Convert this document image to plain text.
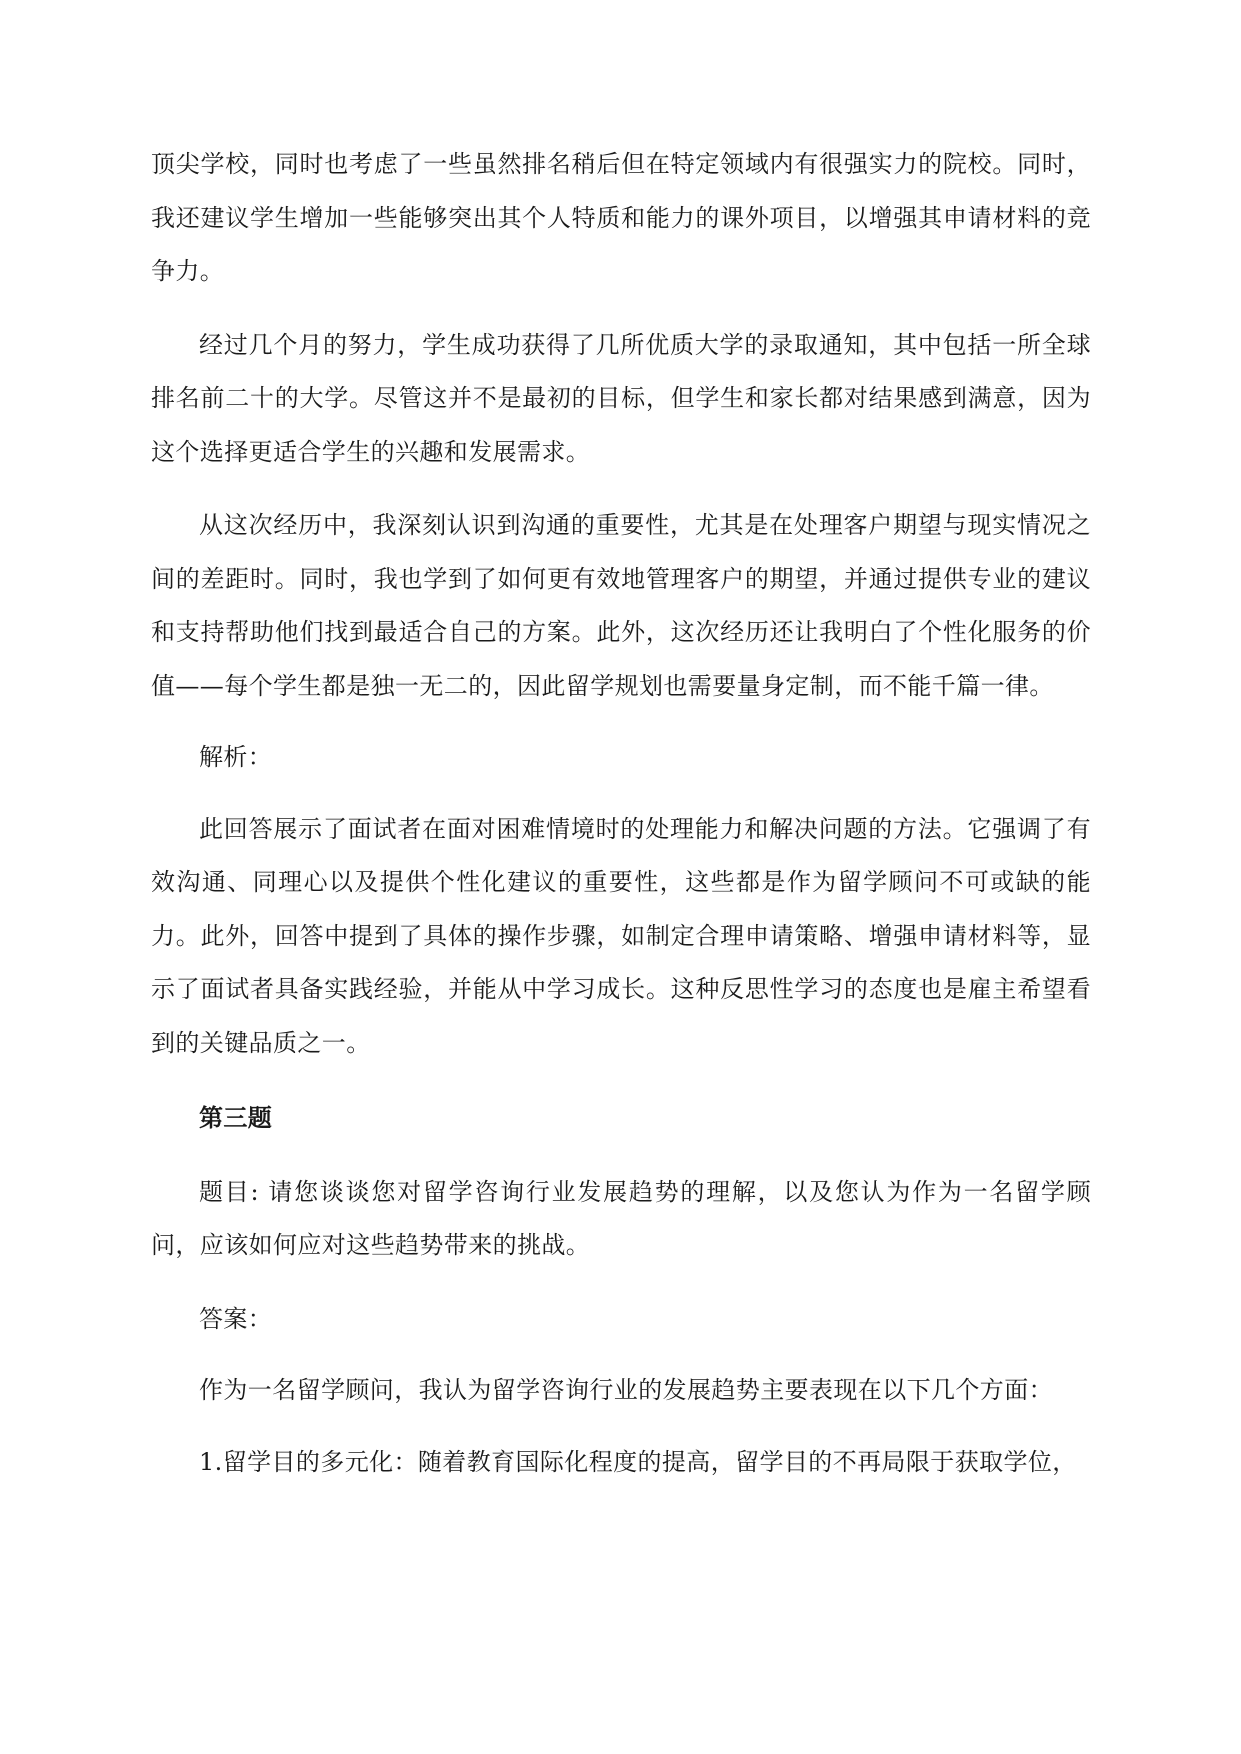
顶尖学校，同时也考虑了一些虽然排名稍后但在特定领域内有很强实力的院校。同时，我还建议学生增加一些能够突出其个人特质和能力的课外项目，以增强其申请材料的竞争力。

经过几个月的努力，学生成功获得了几所优质大学的录取通知，其中包括一所全球排名前二十的大学。尽管这并不是最初的目标，但学生和家长都对结果感到满意，因为这个选择更适合学生的兴趣和发展需求。

从这次经历中，我深刻认识到沟通的重要性，尤其是在处理客户期望与现实情况之间的差距时。同时，我也学到了如何更有效地管理客户的期望，并通过提供专业的建议和支持帮助他们找到最适合自己的方案。此外，这次经历还让我明白了个性化服务的价值——每个学生都是独一无二的，因此留学规划也需要量身定制，而不能千篇一律。

解析：

此回答展示了面试者在面对困难情境时的处理能力和解决问题的方法。它强调了有效沟通、同理心以及提供个性化建议的重要性，这些都是作为留学顾问不可或缺的能力。此外，回答中提到了具体的操作步骤，如制定合理申请策略、增强申请材料等，显示了面试者具备实践经验，并能从中学习成长。这种反思性学习的态度也是雇主希望看到的关键品质之一。

第三题

题目: 请您谈谈您对留学咨询行业发展趋势的理解，以及您认为作为一名留学顾问，应该如何应对这些趋势带来的挑战。

答案：

作为一名留学顾问，我认为留学咨询行业的发展趋势主要表现在以下几个方面：

1.留学目的多元化：随着教育国际化程度的提高，留学目的不再局限于获取学位，
